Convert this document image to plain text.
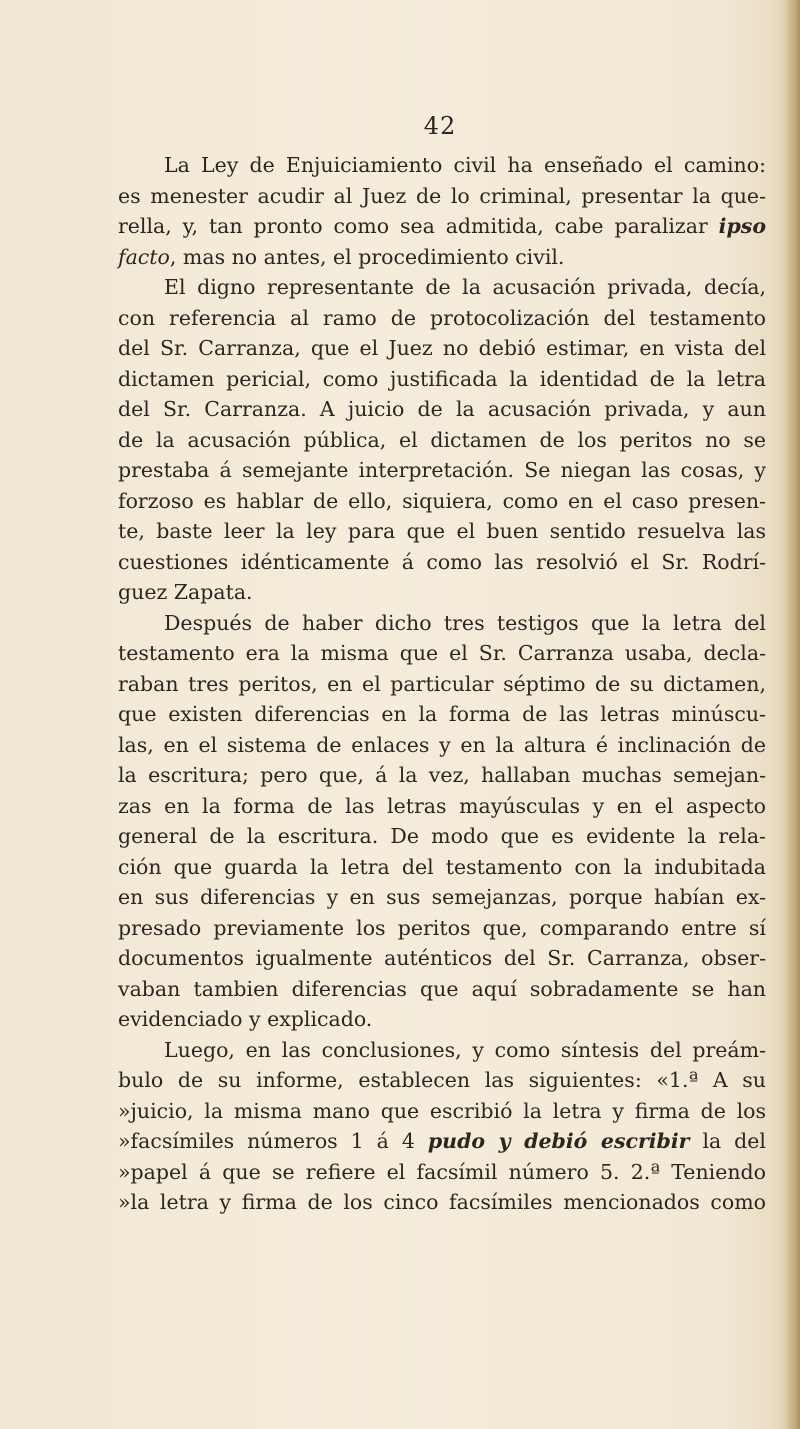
42
La Ley de Enjuiciamiento civil ha enseñado el camino:
es menester acudir al Juez de lo criminal, presentar la que-
rella, y, tan pronto como sea admitida, cabe paralizar ipso
facto, mas no antes, el procedimiento civil.
El digno representante de la acusación privada, decía,
con referencia al ramo de protocolización del testamento
del Sr. Carranza, que el Juez no debió estimar, en vista del
dictamen pericial, como justificada la identidad de la letra
del Sr. Carranza. A juicio de la acusación privada, y aun
de la acusación pública, el dictamen de los peritos no se
prestaba á semejante interpretación. Se niegan las cosas, y
forzoso es hablar de ello, siquiera, como en el caso presen-
te, baste leer la ley para que el buen sentido resuelva las
cuestiones idénticamente á como las resolvió el Sr. Rodrí-
guez Zapata.
Después de haber dicho tres testigos que la letra del
testamento era la misma que el Sr. Carranza usaba, decla-
raban tres peritos, en el particular séptimo de su dictamen,
que existen diferencias en la forma de las letras minúscu-
las, en el sistema de enlaces y en la altura é inclinación de
la escritura; pero que, á la vez, hallaban muchas semejan-
zas en la forma de las letras mayúsculas y en el aspecto
general de la escritura. De modo que es evidente la rela-
ción que guarda la letra del testamento con la indubitada
en sus diferencias y en sus semejanzas, porque habían ex-
presado previamente los peritos que, comparando entre sí
documentos igualmente auténticos del Sr. Carranza, obser-
vaban tambien diferencias que aquí sobradamente se han
evidenciado y explicado.
Luego, en las conclusiones, y como síntesis del preám-
bulo de su informe, establecen las siguientes: «1.ª A su
»juicio, la misma mano que escribió la letra y firma de los
»facsímiles números 1 á 4 pudo y debió escribir la del
»papel á que se refiere el facsímil número 5. 2.ª Teniendo
»la letra y firma de los cinco facsímiles mencionados como
